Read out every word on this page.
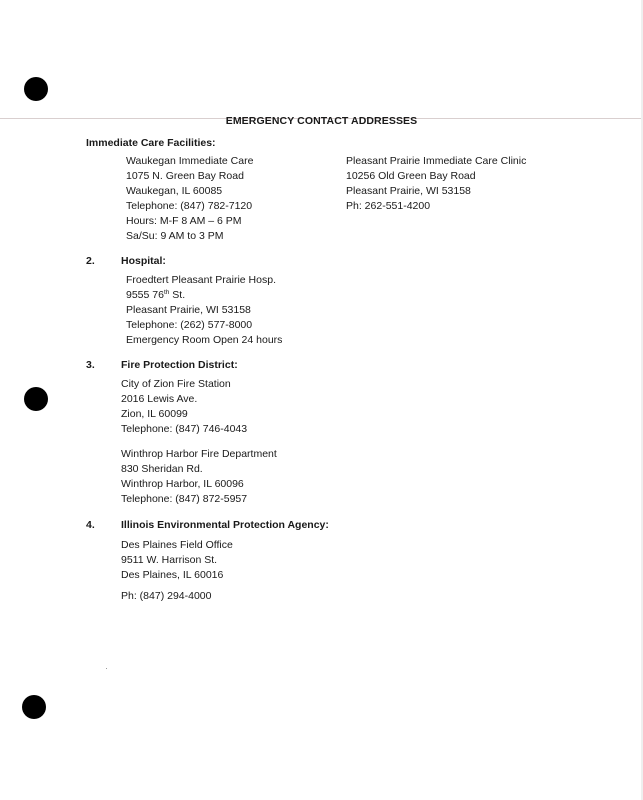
EMERGENCY CONTACT ADDRESSES
Immediate Care Facilities:
Waukegan Immediate Care
1075 N. Green Bay Road
Waukegan, IL 60085
Telephone: (847) 782-7120
Hours: M-F 8 AM – 6 PM
Sa/Su: 9 AM to 3 PM
Pleasant Prairie Immediate Care Clinic
10256 Old Green Bay Road
Pleasant Prairie, WI 53158
Ph: 262-551-4200
2. Hospital:
Froedtert Pleasant Prairie Hosp.
9555 76th St.
Pleasant Prairie, WI 53158
Telephone: (262) 577-8000
Emergency Room Open 24 hours
3. Fire Protection District:
City of Zion Fire Station
2016 Lewis Ave.
Zion, IL 60099
Telephone: (847) 746-4043
Winthrop Harbor Fire Department
830 Sheridan Rd.
Winthrop Harbor, IL 60096
Telephone: (847) 872-5957
4. Illinois Environmental Protection Agency:
Des Plaines Field Office
9511 W. Harrison St.
Des Plaines, IL 60016
Ph: (847) 294-4000
